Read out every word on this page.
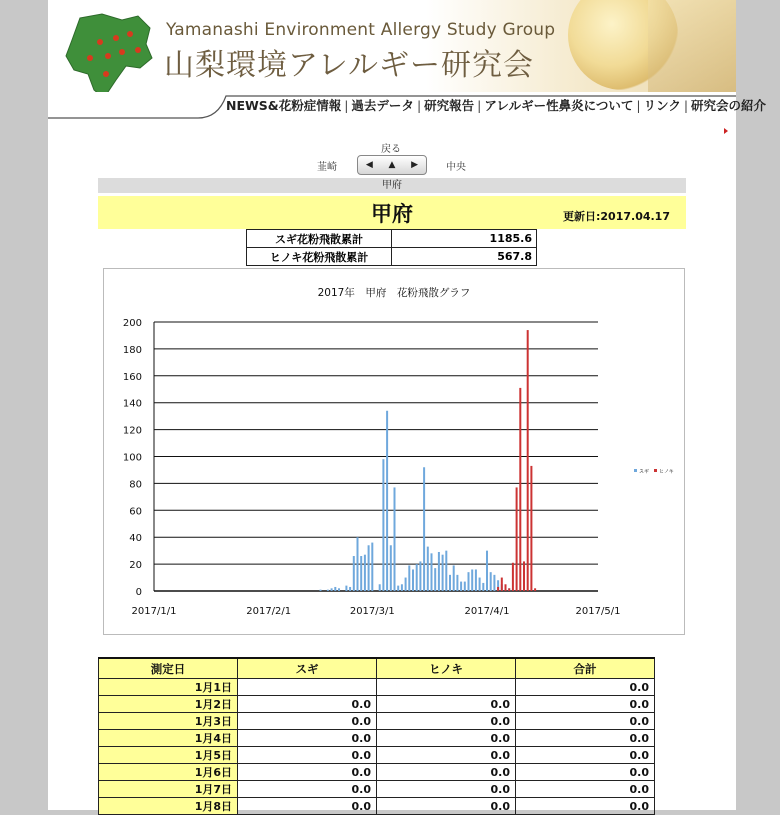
Yamanashi Environment Allergy Study Group
山梨環境アレルギー研究会
NEWS&花粉症情報 | 過去データ | 研究報告 | アレルギー性鼻炎について | リンク | 研究会の紹介
戻る
韮崎	◀ ▲ ▶	中央
甲府
甲府	更新日:2017.04.17
スギ花粉飛散累計	1185.6
ヒノキ花粉飛散累計	567.8
2017年　甲府　花粉飛散グラフ
0
20
40
60
80
100
120
140
160
180
200
2017/1/1	2017/2/1	2017/3/1	2017/4/1	2017/5/1
スギ ヒノキ
測定日	スギ	ヒノキ	合計
1月1日			0.0
1月2日	0.0	0.0	0.0
1月3日	0.0	0.0	0.0
1月4日	0.0	0.0	0.0
1月5日	0.0	0.0	0.0
1月6日	0.0	0.0	0.0
1月7日	0.0	0.0	0.0
1月8日	0.0	0.0	0.0
